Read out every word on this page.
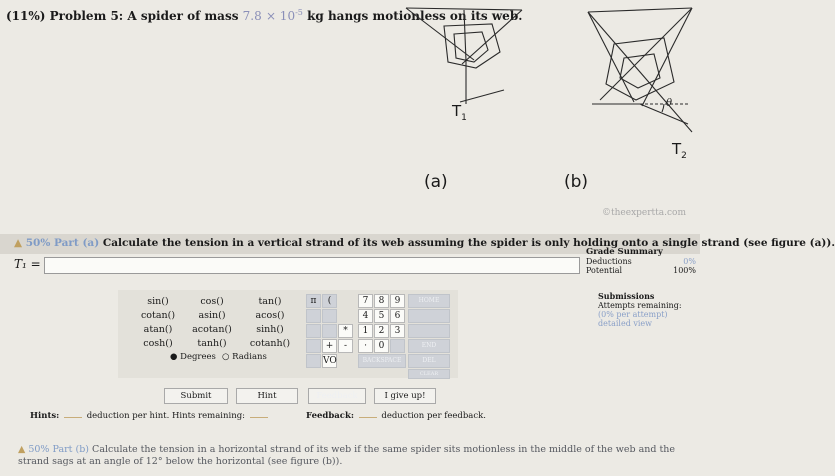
(11%) Problem 5: A spider of mass $7.8 \times 10^{-5}$ kg hangs motionless on its web.
$T_1$
(a)
θ
$T_2$
(b)
©theexpertta.com
▲ 50% Part (a) Calculate the tension in a vertical strand of its web assuming the spider is only holding onto a single strand (see figure (a)).
T₁ =
Grade Summary
Deductions	0%
Potential	100%
Submissions
Attempts remaining:
(0% per attempt)
detailed view
sin()	cos()	tan()
cotan()	asin()	acos()
atan()	acotan()	sinh()
cosh()	tanh()	cotanh()
● Degrees ○ Radians
π	(
+
VO
*
-
7	8	9
4	5	6
1	2	3
·	0
HOME
END
BACKSPACE	DEL
CLEAR
Submit	Hint	Feedback	I give up!
Hints:	deduction per hint. Hints remaining:	Feedback:	deduction per feedback.
▲ 50% Part (b) Calculate the tension in a horizontal strand of its web if the same spider sits motionless in the middle of the web and the strand sags at an angle of 12° below the horizontal (see figure (b)).
